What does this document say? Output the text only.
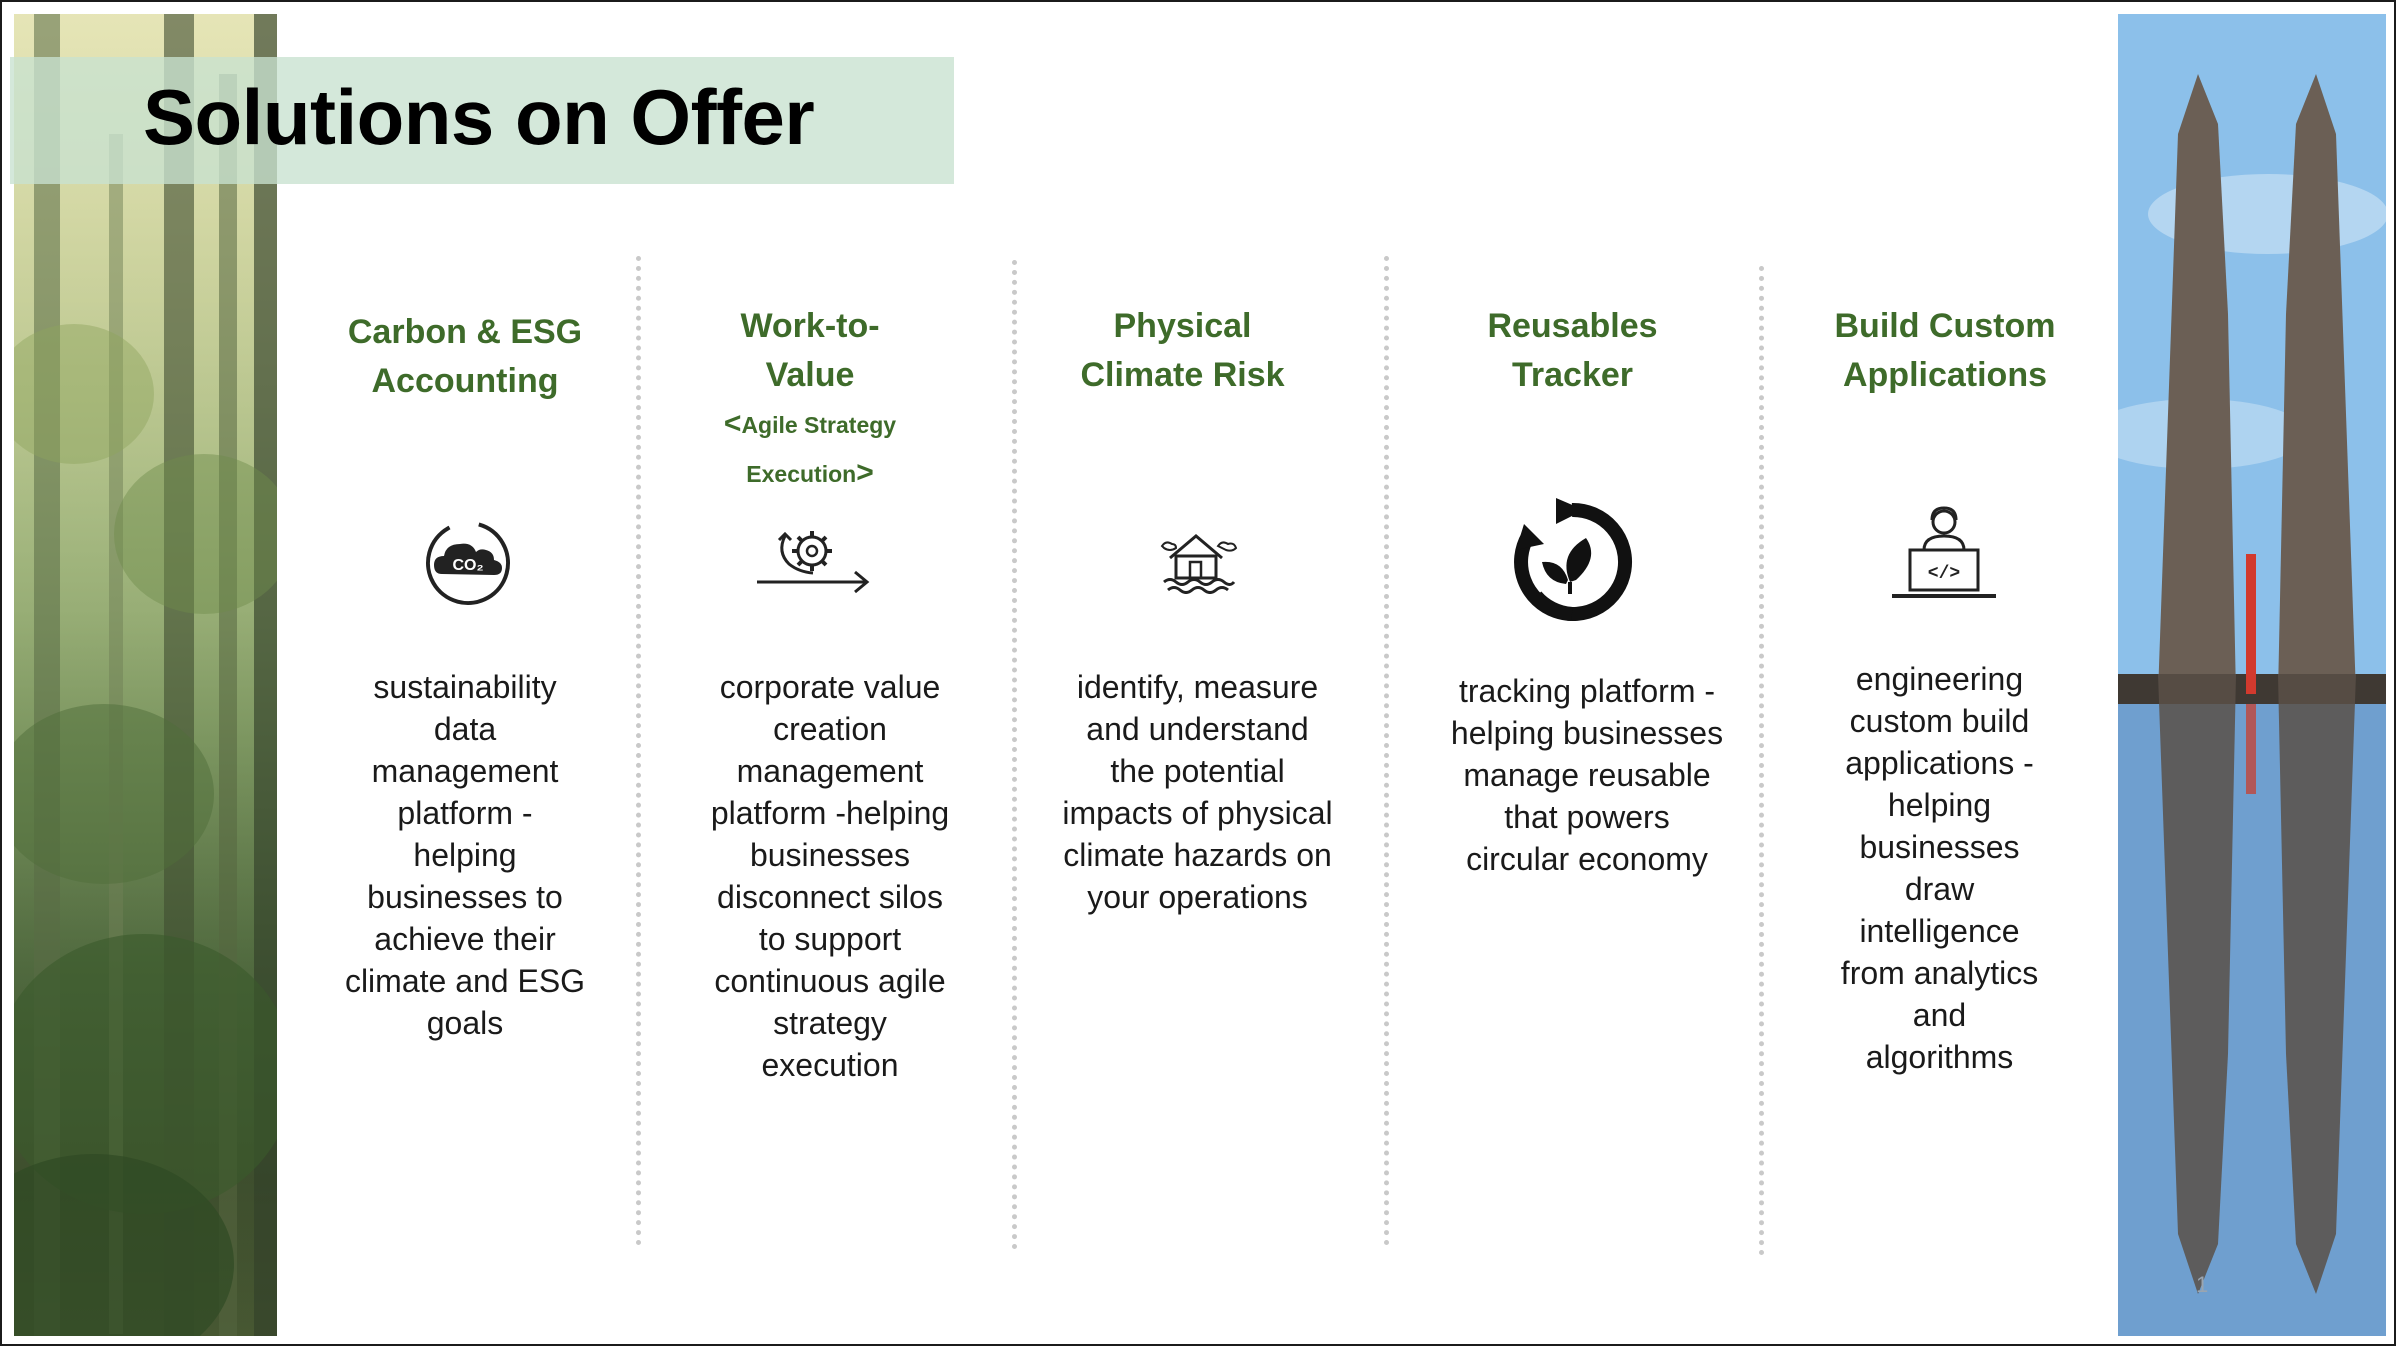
Solutions on Offer
Carbon & ESG
Accounting
CO₂
sustainability
data
management
platform -
helping
businesses to
achieve their
climate and ESG
goals
Work-to-
Value
<Agile Strategy
Execution>
corporate value
creation
management
platform -helping
businesses
disconnect silos
to support
continuous agile
strategy
execution
Physical
Climate Risk
identify, measure
and understand
the potential
impacts of physical
climate hazards on
your operations
Reusables
Tracker
tracking platform -
helping businesses
manage reusable
that powers
circular economy
Build Custom
Applications
</>
engineering
custom build
applications -
helping
businesses
draw
intelligence
from analytics
and
algorithms
1
